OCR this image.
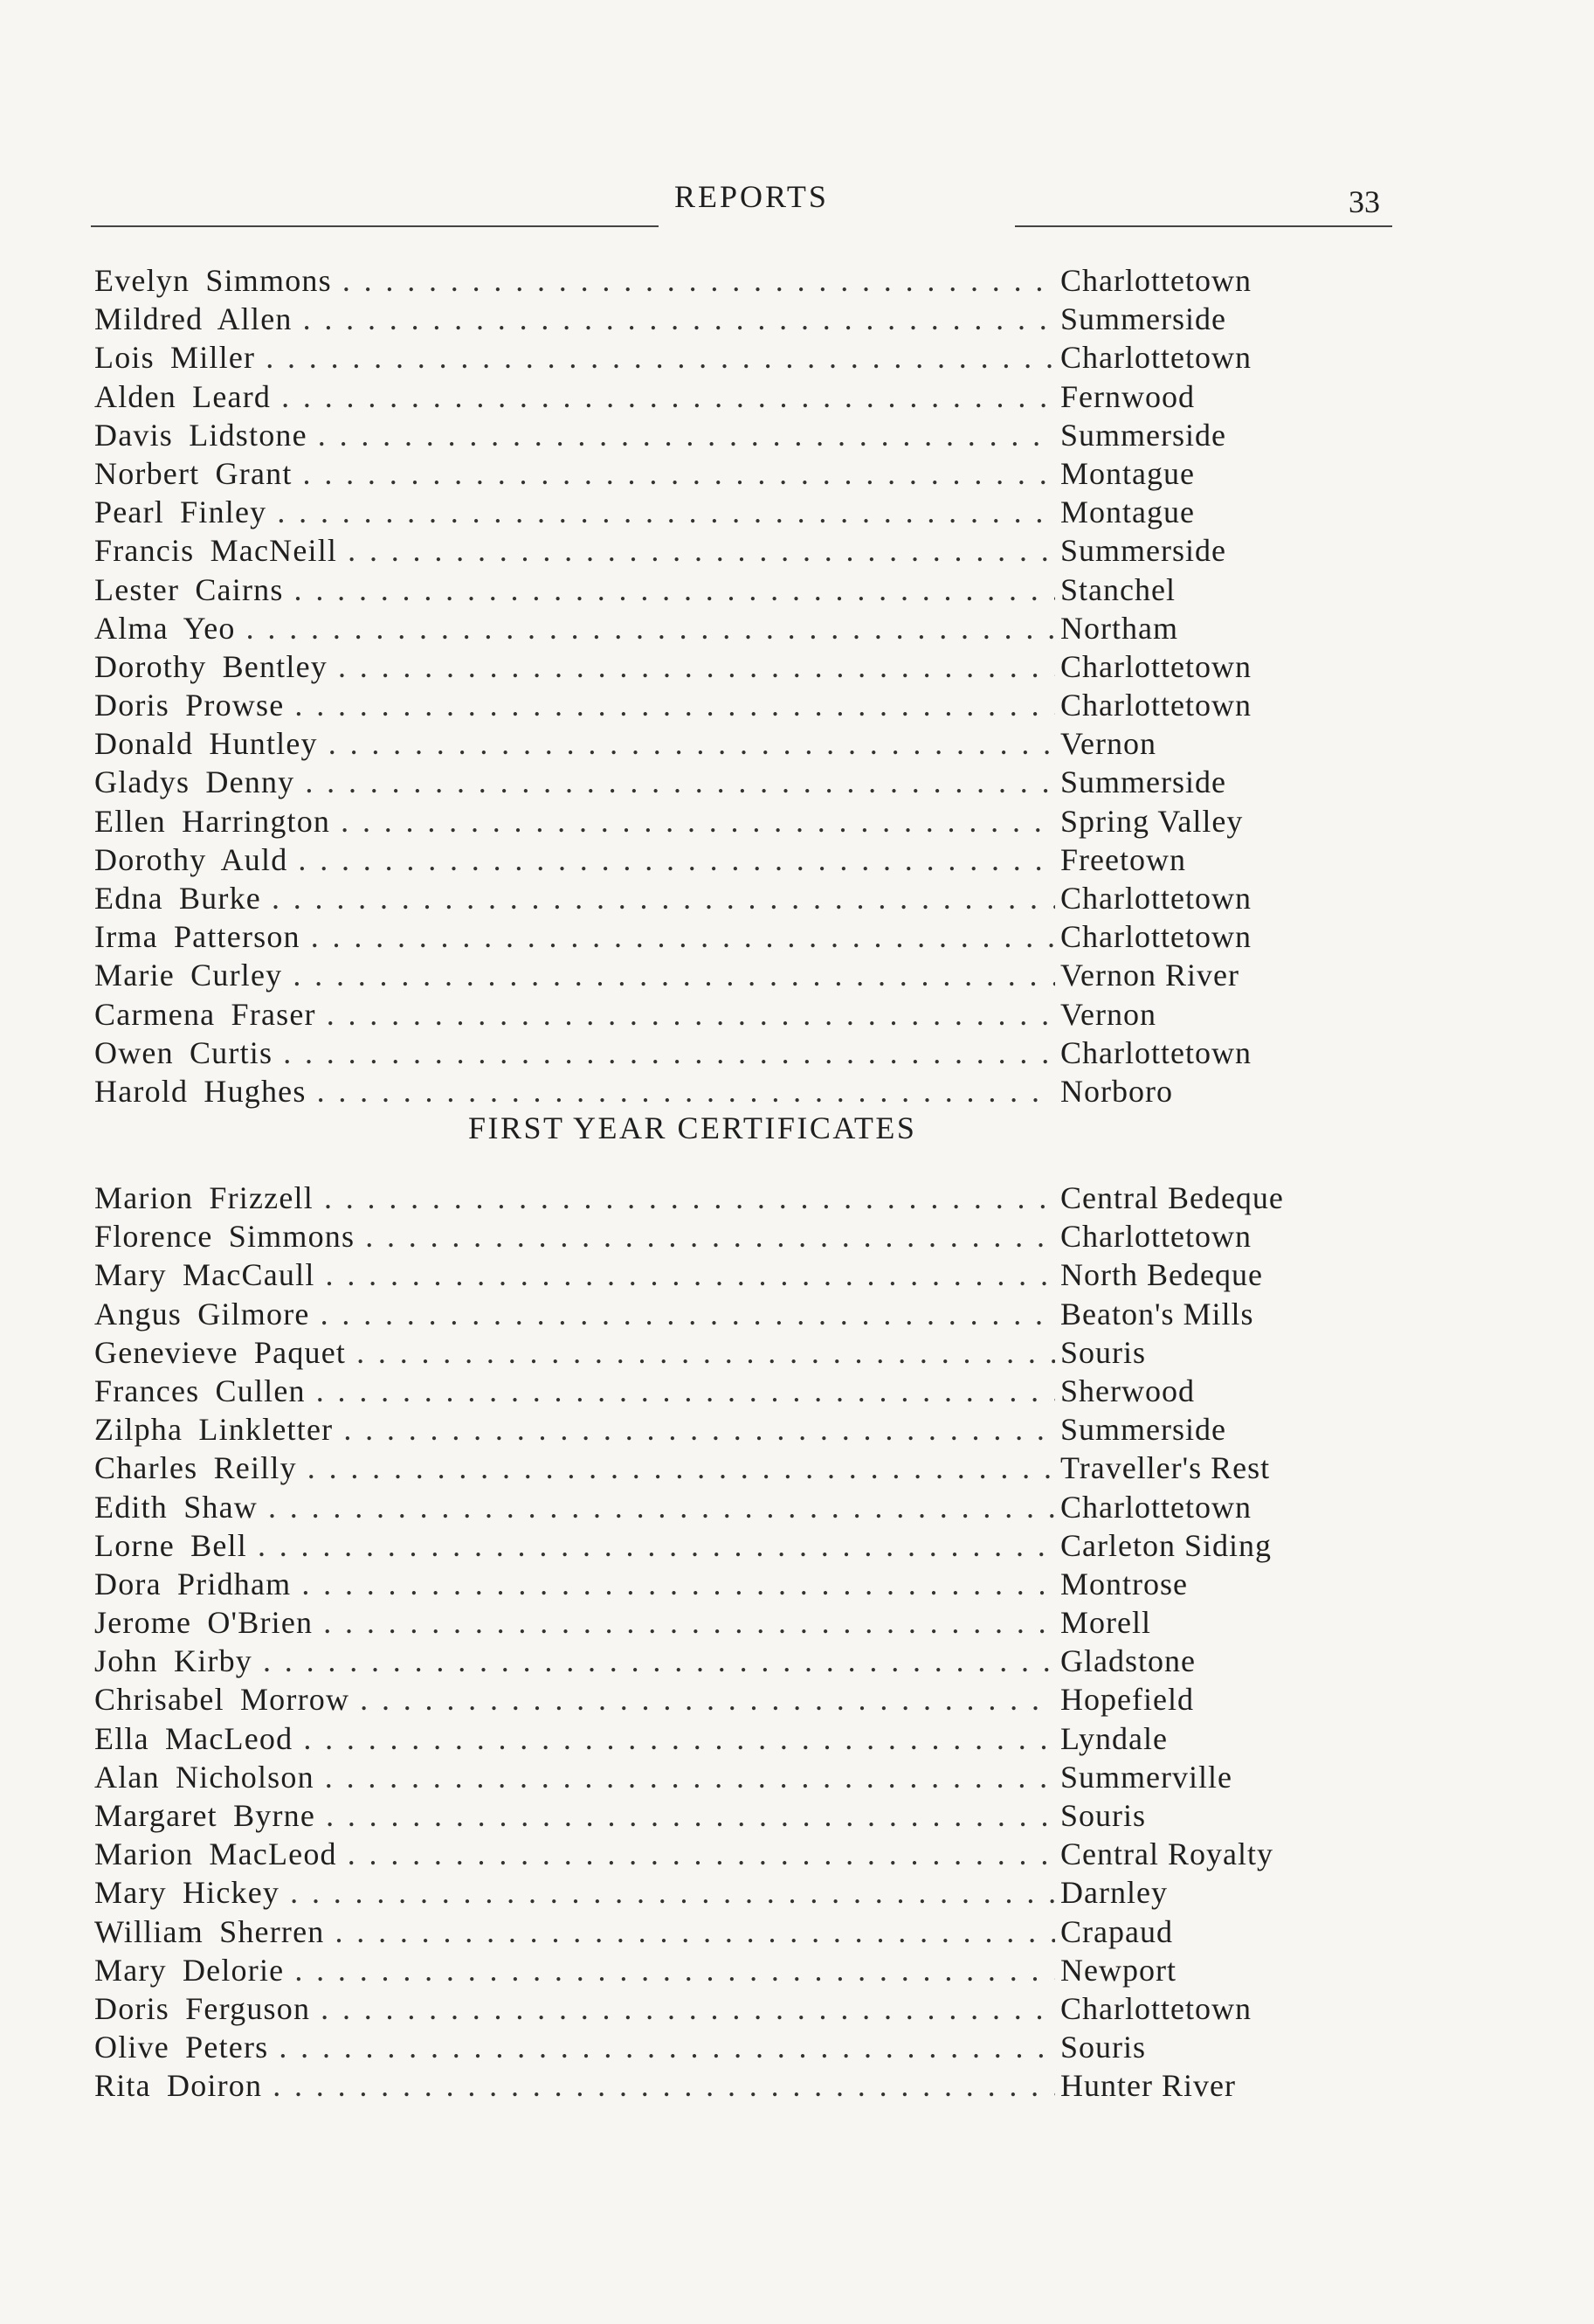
REPORTS	33
Evelyn Simmons . . .	Charlottetown
Mildred Allen . . .	Summerside
Lois Miller . . .	Charlottetown
Alden Leard . . .	Fernwood
Davis Lidstone . . .	Summerside
Norbert Grant . . .	Montague
Pearl Finley . . .	Montague
Francis MacNeill . . .	Summerside
Lester Cairns . . .	Stanchel
Alma Yeo . . .	Northam
Dorothy Bentley . . .	Charlottetown
Doris Prowse . . .	Charlottetown
Donald Huntley . . .	Vernon
Gladys Denny . . .	Summerside
Ellen Harrington . . .	Spring Valley
Dorothy Auld . . .	Freetown
Edna Burke . . .	Charlottetown
Irma Patterson . . .	Charlottetown
Marie Curley . . .	Vernon River
Carmena Fraser . . .	Vernon
Owen Curtis . . .	Charlottetown
Harold Hughes . . .	Norboro
FIRST YEAR CERTIFICATES
Marion Frizzell . . .	Central Bedeque
Florence Simmons . . .	Charlottetown
Mary MacCaull . . .	North Bedeque
Angus Gilmore . . .	Beaton's Mills
Genevieve Paquet . . .	Souris
Frances Cullen . . .	Sherwood
Zilpha Linkletter . . .	Summerside
Charles Reilly . . .	Traveller's Rest
Edith Shaw . . .	Charlottetown
Lorne Bell . . .	Carleton Siding
Dora Pridham . . .	Montrose
Jerome O'Brien . . .	Morell
John Kirby . . .	Gladstone
Chrisabel Morrow . . .	Hopefield
Ella MacLeod . . .	Lyndale
Alan Nicholson . . .	Summerville
Margaret Byrne . . .	Souris
Marion MacLeod . . .	Central Royalty
Mary Hickey . . .	Darnley
William Sherren . . .	Crapaud
Mary Delorie . . .	Newport
Doris Ferguson . . .	Charlottetown
Olive Peters . . .	Souris
Rita Doiron . . .	Hunter River
